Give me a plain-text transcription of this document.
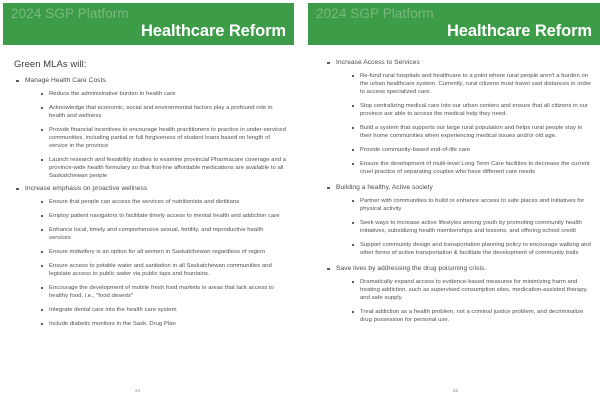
2024 SGP Platform
Healthcare Reform
Green MLAs will:
Manage Health Care Costs.
Reduce the administrative burden in health care
Acknowledge that economic, social and environmental factors play a profound role in health and wellness
Provide financial incentives to encourage health practitioners to practice in under-serviced communities, including partial or full forgiveness of student loans based on length of service in the province
Launch research and feasibility studies to examine provincial Pharmacare coverage and a province-wide health formulary so that first-line affordable medications are available to all Saskatchewan people
Increase emphasis on proactive wellness
Ensure that people can access the services of nutritionists and dietitians
Employ patient navigators to facilitate timely access to mental health and addiction care
Enhance local, timely and comprehensive sexual, fertility, and reproductive health services
Ensure midwifery is an option for all women in Saskatchewan regardless of region
Ensure access to potable water and sanitation in all Saskatchewan communities and legislate access to public water via public taps and fountains.
Encourage the development of mobile fresh food markets in areas that lack access to healthy food, i.e., "food deserts"
Integrate dental care into the health care system
Include diabetic monitors in the Sask. Drug Plan
24
2024 SGP Platform
Healthcare Reform
Increase Access to Services
Re-fund rural hospitals and healthcare to a point where rural people aren't a burden on the urban healthcare system. Currently, rural citizens must travel vast distances in order to access specialized care.
Stop centralizing medical care into our urban centers and ensure that all citizens in our province are able to access the medical help they need.
Build a system that supports our large rural population and helps rural people stay in their home communities when experiencing medical issues and/or old age.
Provide community-based end-of-life care
Ensure the development of multi-level Long Term Care facilities to decrease the current cruel practice of separating couples who have different care needs
Building a healthy, Active society
Partner with communities to build or enhance access to safe places and initiatives for physical activity
Seek ways to increase active lifestyles among youth by promoting community health initiatives, subsidizing health memberships and lessons, and offering school credit
Support community design and transportation planning policy to encourage walking and other forms of active transportation & facilitate the development of community trails
Save lives by addressing the drug poisoning crisis.
Dramatically expand access to evidence-based measures for minimizing harm and treating addiction, such as supervised consumption sites, medication-assisted therapy, and safe supply.
Treat addiction as a health problem, not a criminal justice problem, and decriminalize drug possession for personal use.
25
